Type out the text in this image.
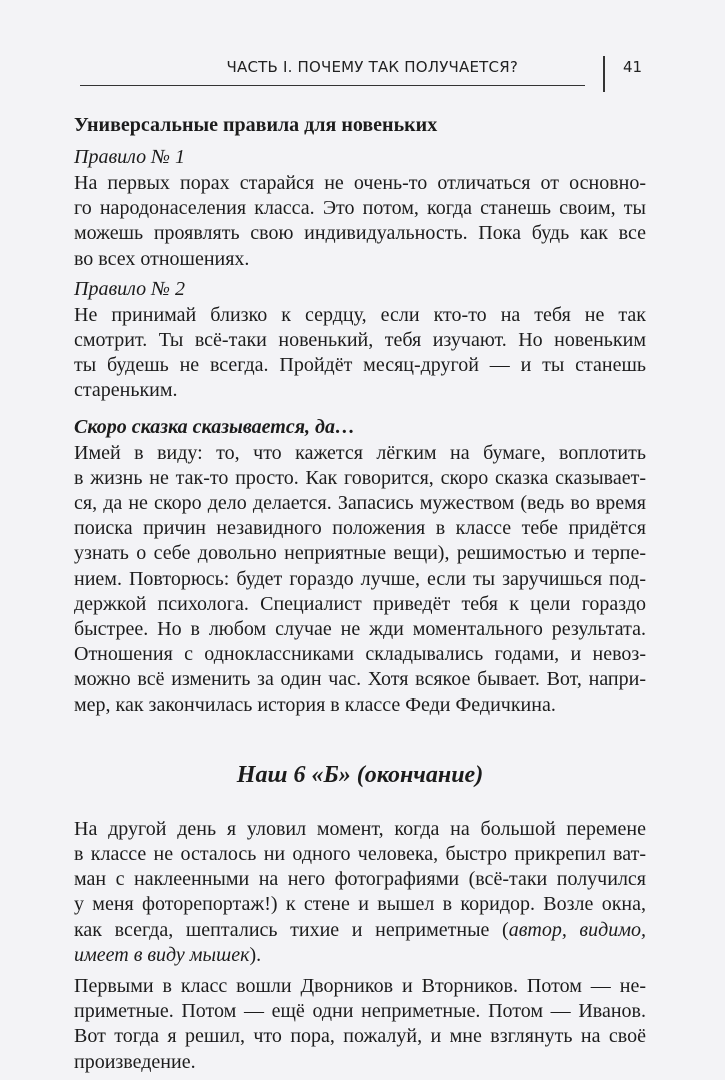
ЧАСТЬ I. ПОЧЕМУ ТАК ПОЛУЧАЕТСЯ?	41
Универсальные правила для новеньких

Правило № 1

На первых порах старайся не очень-то отличаться от основно-
го народонаселения класса. Это потом, когда станешь своим, ты
можешь проявлять свою индивидуальность. Пока будь как все
во всех отношениях.

Правило № 2

Не принимай близко к сердцу, если кто-то на тебя не так
смотрит. Ты всё-таки новенький, тебя изучают. Но новеньким
ты будешь не всегда. Пройдёт месяц-другой — и ты станешь
стареньким.

Скоро сказка сказывается, да…

Имей в виду: то, что кажется лёгким на бумаге, воплотить
в жизнь не так-то просто. Как говорится, скоро сказка сказывает-
ся, да не скоро дело делается. Запасись мужеством (ведь во время
поиска причин незавидного положения в классе тебе придётся
узнать о себе довольно неприятные вещи), решимостью и терпе-
нием. Повторюсь: будет гораздо лучше, если ты заручишься под-
держкой психолога. Специалист приведёт тебя к цели гораздо
быстрее. Но в любом случае не жди моментального результата.
Отношения с одноклассниками складывались годами, и невоз-
можно всё изменить за один час. Хотя всякое бывает. Вот, напри-
мер, как закончилась история в классе Феди Федичкина.

Наш 6 «Б» (окончание)

На другой день я уловил момент, когда на большой перемене
в классе не осталось ни одного человека, быстро прикрепил ват-
ман с наклеенными на него фотографиями (всё-таки получился
у меня фоторепортаж!) к стене и вышел в коридор. Возле окна,
как всегда, шептались тихие и неприметные (автор, видимо,
имеет в виду мышек).

Первыми в класс вошли Дворников и Вторников. Потом — не-
приметные. Потом — ещё одни неприметные. Потом — Иванов.
Вот тогда я решил, что пора, пожалуй, и мне взглянуть на своё
произведение.
